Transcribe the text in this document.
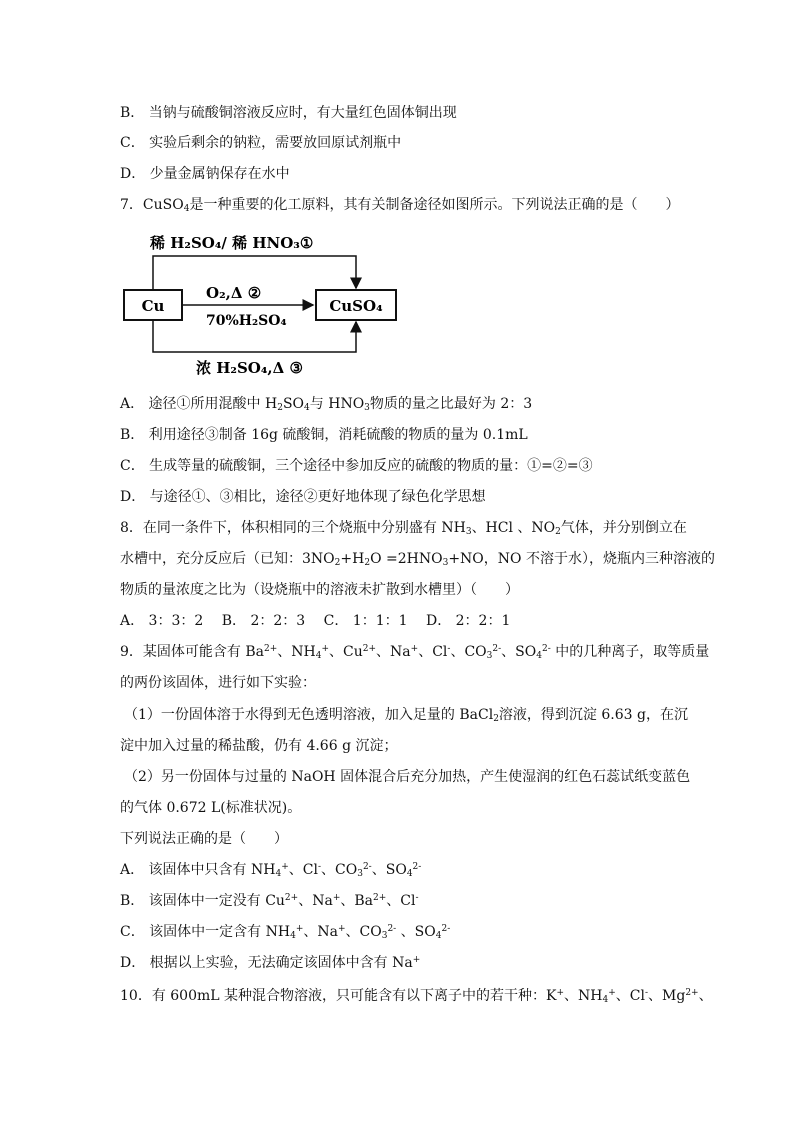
B． 当钠与硫酸铜溶液反应时，有大量红色固体铜出现
C． 实验后剩余的钠粒，需要放回原试剂瓶中
D． 少量金属钠保存在水中
7．CuSO$_4$是一种重要的化工原料，其有关制备途径如图所示。下列说法正确的是（　　）
Cu	CuSO₄
稀 H₂SO₄/ 稀 HNO₃①
O₂,Δ ②
70%H₂SO₄
浓 H₂SO₄,Δ ③
A． 途径①所用混酸中 $H_2SO_4$与 $HNO_3$物质的量之比最好为 2：3
B． 利用途径③制备 16g 硫酸铜，消耗硫酸的物质的量为 0.1mL
C． 生成等量的硫酸铜，三个途径中参加反应的硫酸的物质的量：①=②=③
D． 与途径①、③相比，途径②更好地体现了绿色化学思想
8．在同一条件下，体积相同的三个烧瓶中分别盛有 $NH_3$、HCl 、$NO_2$气体，并分别倒立在
水槽中，充分反应后（已知：$3NO_2+H_2O =2HNO_3+NO$，NO 不溶于水），烧瓶内三种溶液的
物质的量浓度之比为（设烧瓶中的溶液未扩散到水槽里）（　　）
A． 3：3：2　 B． 2：2：3　 C． 1：1：1　 D． 2：2：1
9．某固体可能含有 $Ba^{2+}$、$NH_4^+$、$Cu^{2+}$、Na+、Cl-、$CO_3^{2-}$、$SO_4^{2-}$ 中的几种离子，取等质量
的两份该固体，进行如下实验：
（1）一份固体溶于水得到无色透明溶液，加入足量的 BaCl$_2$溶液，得到沉淀 6.63 g，在沉
淀中加入过量的稀盐酸，仍有 4.66 g 沉淀；
（2）另一份固体与过量的 NaOH 固体混合后充分加热，产生使湿润的红色石蕊试纸变蓝色
的气体 0.672 L(标准状况)。
下列说法正确的是（　　）
A． 该固体中只含有 $NH_4^+$、Cl-、$CO_3^{2-}$、$SO_4^{2-}$
B． 该固体中一定没有 $Cu^{2+}$、Na+、$Ba^{2+}$、Cl-
C． 该固体中一定含有 $NH_4^+$、Na+、$CO_3^{2-}$ 、$SO_4^{2-}$
D． 根据以上实验，无法确定该固体中含有 Na+
10．有 600mL 某种混合物溶液，只可能含有以下离子中的若干种：K+、$NH_4^+$、Cl-、$Mg^{2+}$、
